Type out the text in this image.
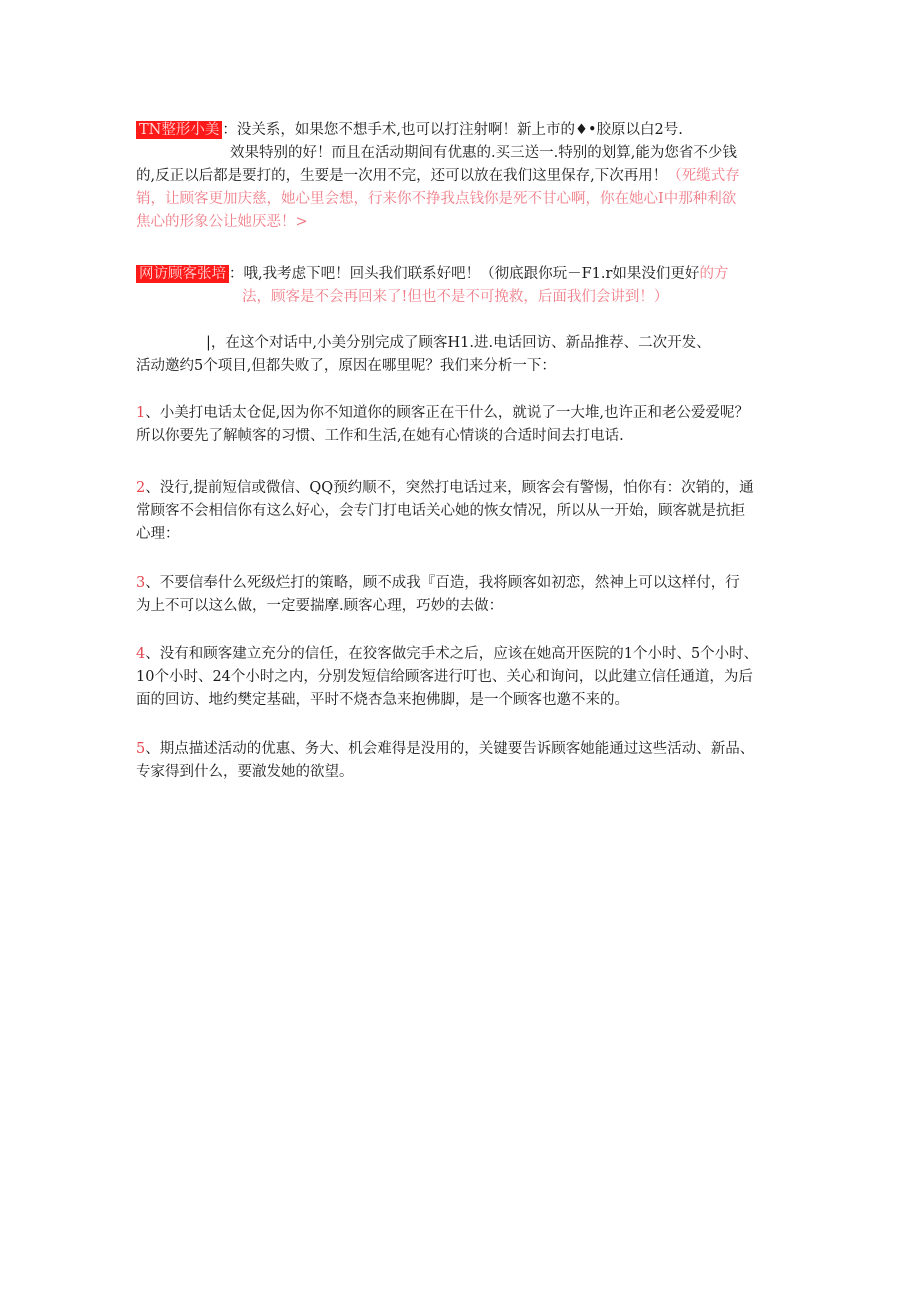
TN整形小美 ：没关系，如果您不想手术,也可以打注射啊！新上市的♦•胶原以白2号.
效果特别的好！而且在活动期间有优惠的.买三送一.特别的划算,能为您省不少钱
的,反正以后都是要打的，生要是一次用不完，还可以放在我们这里保存,下次再用！（死缆式存
销，让顾客更加庆慈，她心里会想，行来你不挣我点钱你是死不甘心啊，你在她心I中那种利欲
焦心的形象公让她厌恶！>
网访顾客张培 ：哦,我考虑下吧！回头我们联系好吧！（彻底跟你玩－F1.r如果没们更好的方
法，顾客是不会再回来了!但也不是不可挽救，后面我们会讲到！）
|，在这个对话中,小美分别完成了顾客H1.进.电话回访、新品推荐、二次开发、
活动邀约5个项目,但都失败了，原因在哪里呢？我们来分析一下：
1、小美打电话太仓促,因为你不知道你的顾客正在干什么，就说了一大堆,也许正和老公爱爱呢？
所以你要先了解帧客的习惯、工作和生活,在她有心情谈的合适时间去打电话.
2、没行,提前短信或微信、QQ预约顺不，突然打电话过来，顾客会有警惕，怕你有：次销的，通
常顾客不会相信你有这么好心，会专门打电话关心她的恢女情况，所以从一开始，顾客就是抗拒
心理：
3、不要信奉什么死级烂打的策略，顾不成我『百造，我将顾客如初恋，然神上可以这样付，行
为上不可以这么做，一定要揣摩.顾客心理，巧妙的去做：
4、没有和顾客建立充分的信任，在狡客做完手术之后，应该在她高开医院的1个小时、5个小时、
10个小时、24个小时之内，分别发短信给顾客进行叮也、关心和询问，以此建立信任通道，为后
面的回访、地约樊定基础，平时不烧杏急来抱佛脚，是一个顾客也邀不来的。
5、期点描述活动的优惠、务大、机会难得是没用的，关键要告诉顾客她能通过这些活动、新品、
专家得到什么，要澈发她的欲望。
